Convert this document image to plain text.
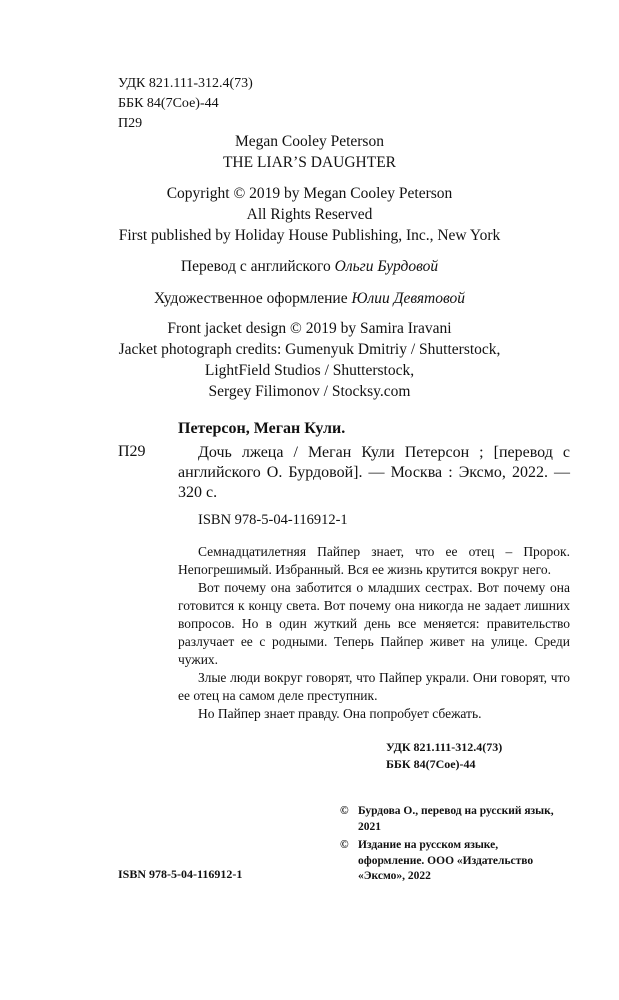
УДК 821.111-312.4(73)
ББК 84(7Сое)-44
П29
Megan Cooley Peterson
THE LIAR’S DAUGHTER
Copyright © 2019 by Megan Cooley Peterson
All Rights Reserved
First published by Holiday House Publishing, Inc., New York
Перевод с английского Ольги Бурдовой
Художественное оформление Юлии Девятовой
Front jacket design © 2019 by Samira Iravani
Jacket photograph credits: Gumenyuk Dmitriy / Shutterstock,
LightField Studios / Shutterstock,
Sergey Filimonov / Stocksy.com
Петерсон, Меган Кули.
П29	Дочь лжеца / Меган Кули Петерсон ; [перевод с английского О. Бурдовой]. — Москва : Эксмо, 2022. — 320 с.
ISBN 978-5-04-116912-1

Семнадцатилетняя Пайпер знает, что ее отец – Пророк. Непогрешимый. Избранный. Вся ее жизнь крутится вокруг него.

Вот почему она заботится о младших сестрах. Вот почему она готовится к концу света. Вот почему она никогда не задает лишних вопросов. Но в один жуткий день все меняется: правительство разлучает ее с родными. Теперь Пайпер живет на улице. Среди чужих.

Злые люди вокруг говорят, что Пайпер украли. Они говорят, что ее отец на самом деле преступник.

Но Пайпер знает правду. Она попробует сбежать.

УДК 821.111-312.4(73)
ББК 84(7Сое)-44
© Бурдова О., перевод на русский язык, 2021
© Издание на русском языке, оформление. ООО «Издательство «Эксмо», 2022
ISBN 978-5-04-116912-1
